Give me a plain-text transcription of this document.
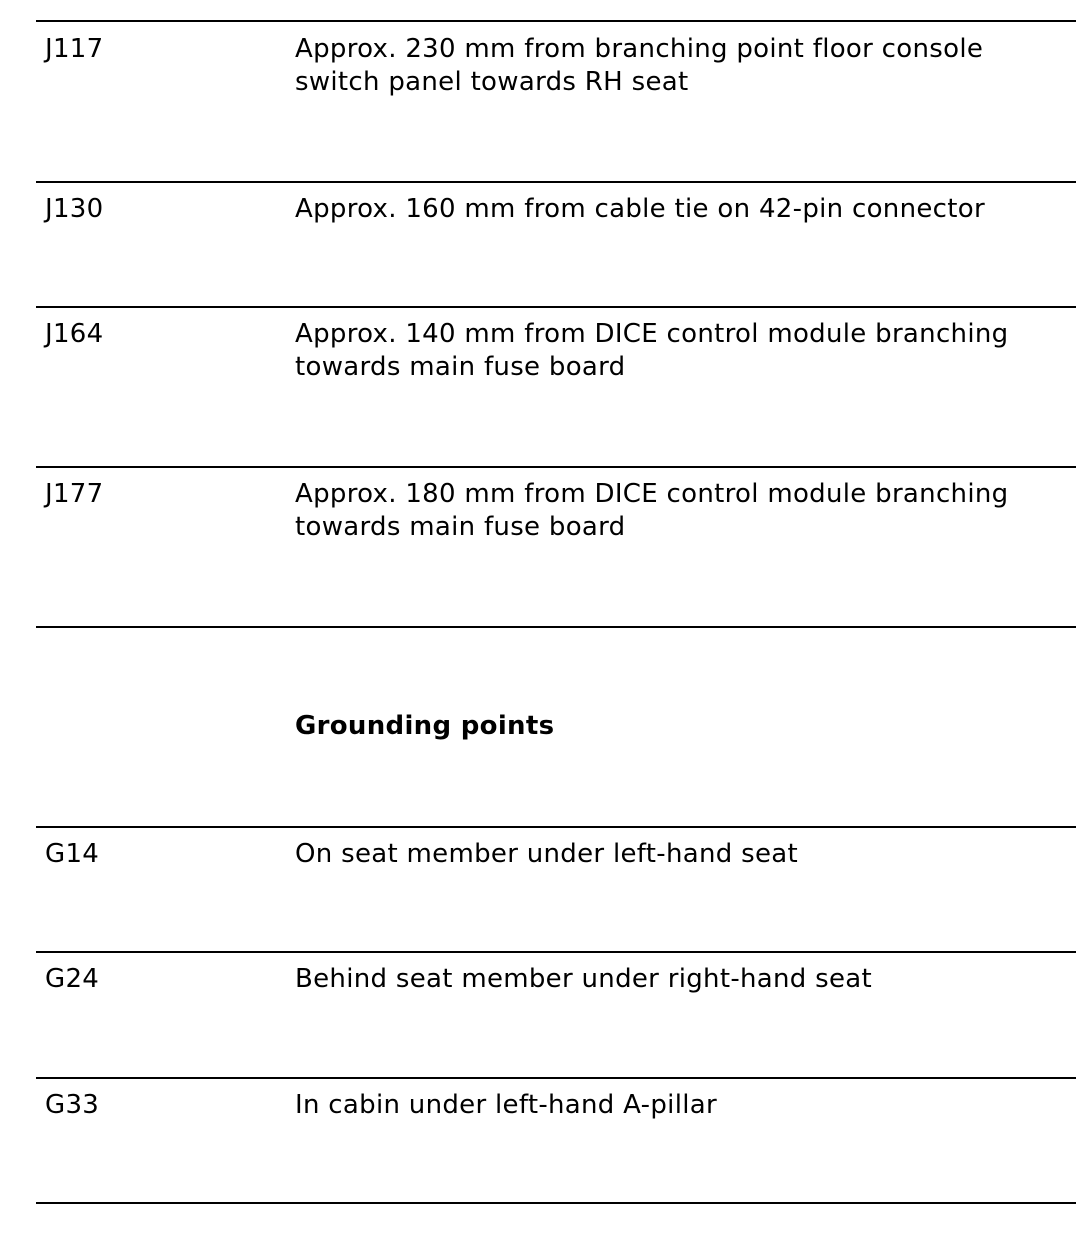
J117	Approx. 230 mm from branching point floor console
switch panel towards RH seat
J130	Approx. 160 mm from cable tie on 42-pin connector
J164	Approx. 140 mm from DICE control module branching
towards main fuse board
J177	Approx. 180 mm from DICE control module branching
towards main fuse board
Grounding points
G14	On seat member under left-hand seat
G24	Behind seat member under right-hand seat
G33	In cabin under left-hand A-pillar
